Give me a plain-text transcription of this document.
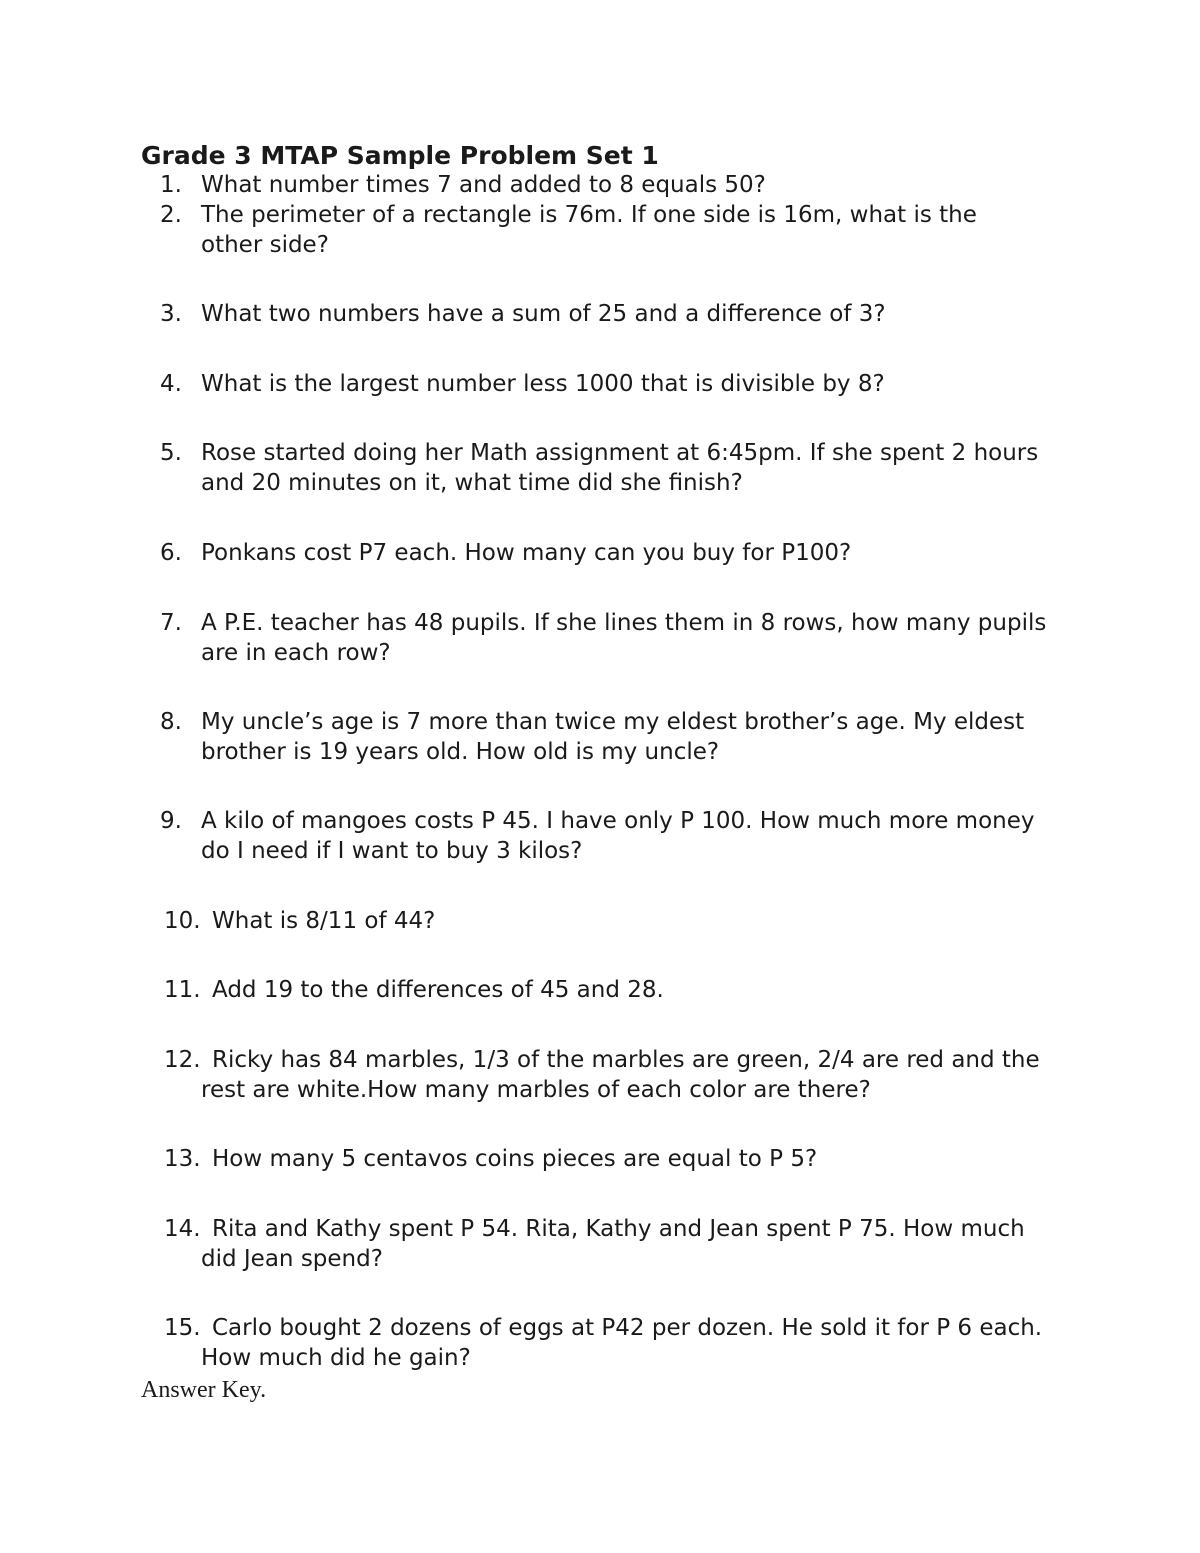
Grade 3 MTAP Sample Problem Set 1
1. What number times 7 and added to 8 equals 50?
2. The perimeter of a rectangle is 76m. If one side is 16m, what is the other side?
3. What two numbers have a sum of 25 and a difference of 3?
4. What is the largest number less 1000 that is divisible by 8?
5. Rose started doing her Math assignment at 6:45pm. If she spent 2 hours and 20 minutes on it, what time did she finish?
6. Ponkans cost P7 each. How many can you buy for P100?
7. A P.E. teacher has 48 pupils. If she lines them in 8 rows, how many pupils are in each row?
8. My uncle’s age is 7 more than twice my eldest brother’s age. My eldest brother is 19 years old. How old is my uncle?
9. A kilo of mangoes costs P 45. I have only P 100. How much more money do I need if I want to buy 3 kilos?
10. What is 8/11 of 44?
11. Add 19 to the differences of 45 and 28.
12. Ricky has 84 marbles, 1/3 of the marbles are green, 2/4 are red and the rest are white.How many marbles of each color are there?
13. How many 5 centavos coins pieces are equal to P 5?
14. Rita and Kathy spent P 54. Rita, Kathy and Jean spent P 75. How much did Jean spend?
15. Carlo bought 2 dozens of eggs at P42 per dozen. He sold it for P 6 each. How much did he gain?
Answer Key.
